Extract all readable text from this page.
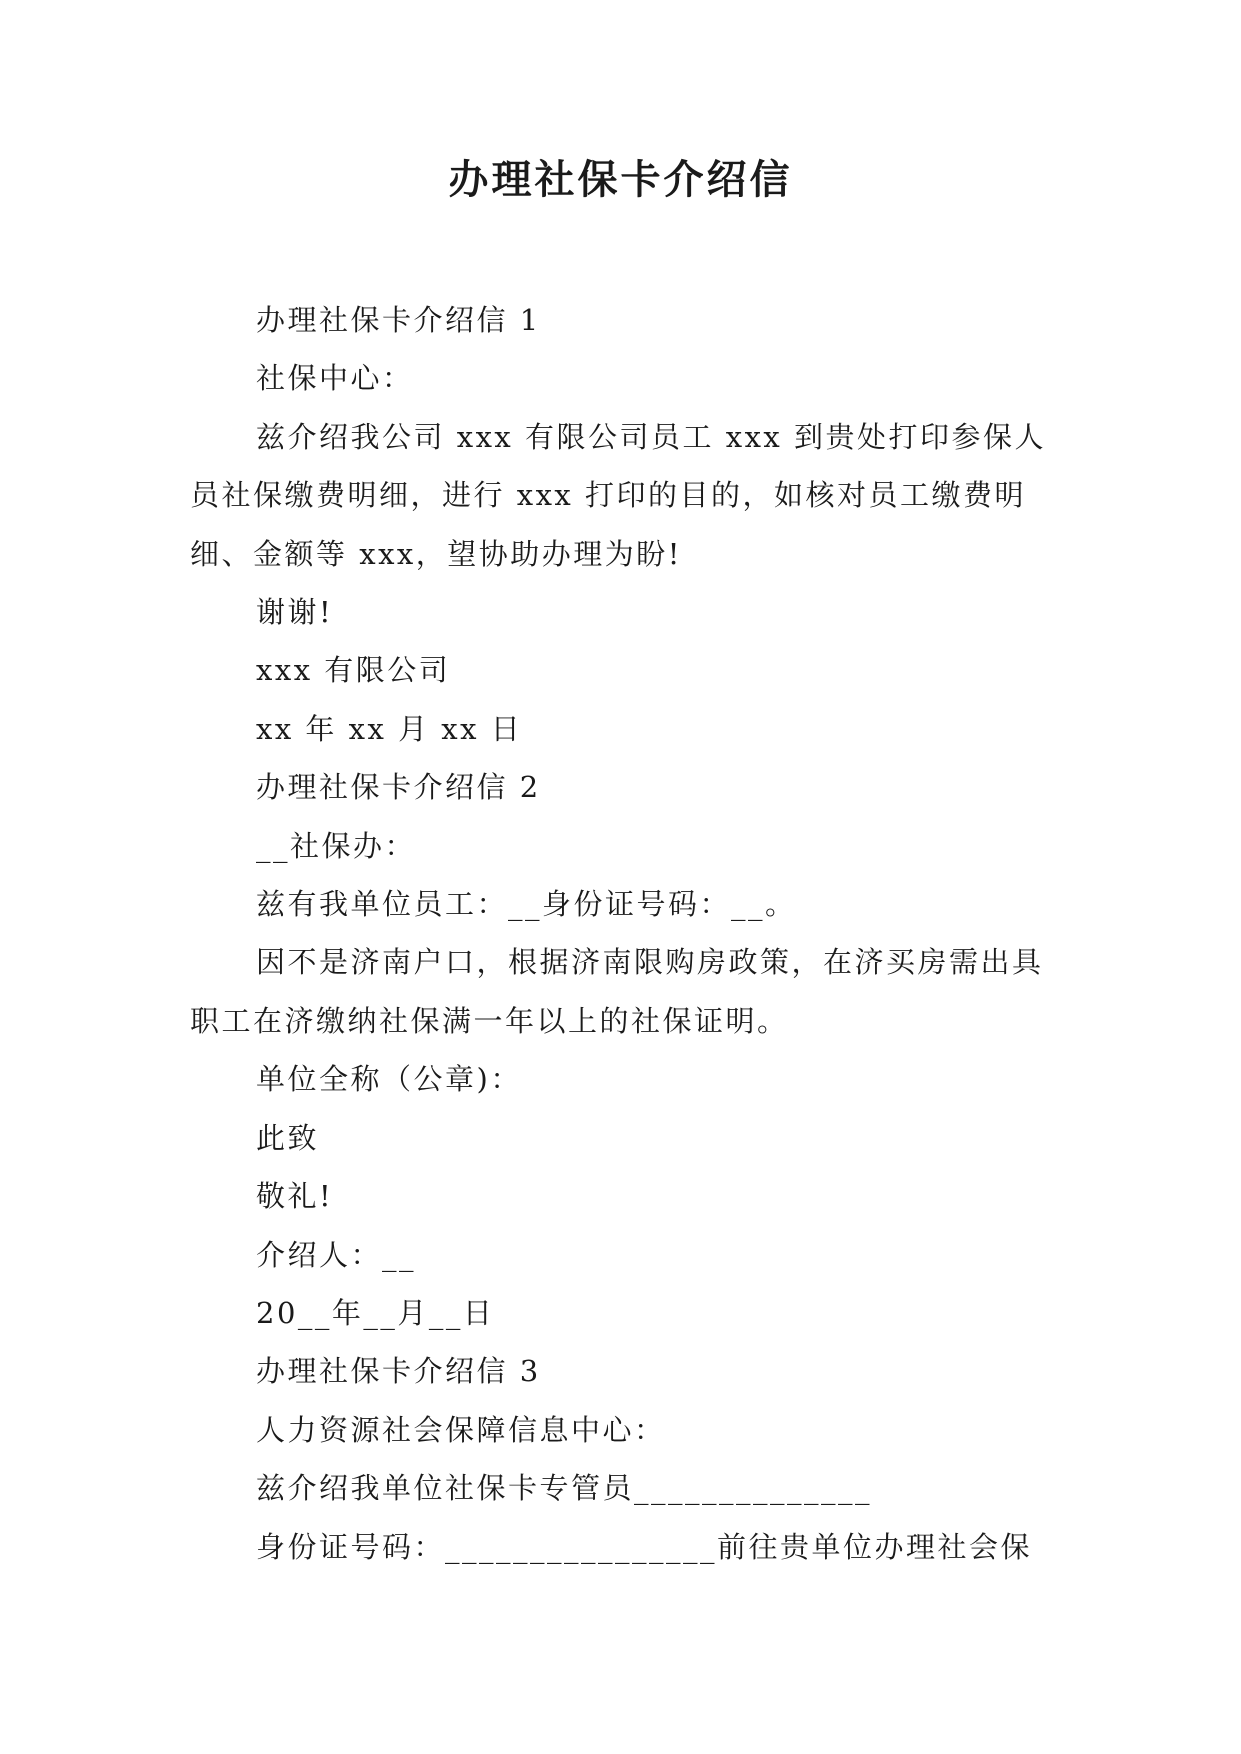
办理社保卡介绍信

办理社保卡介绍信 1

社保中心：

兹介绍我公司 xxx 有限公司员工 xxx 到贵处打印参保人员社保缴费明细，进行 xxx 打印的目的，如核对员工缴费明细、金额等 xxx，望协助办理为盼!

谢谢!

xxx 有限公司

xx 年 xx 月 xx 日

办理社保卡介绍信 2

__社保办：

兹有我单位员工：__身份证号码：__。

因不是济南户口，根据济南限购房政策，在济买房需出具职工在济缴纳社保满一年以上的社保证明。

单位全称（公章)：

此致

敬礼!

介绍人：__

20__年__月__日

办理社保卡介绍信 3

人力资源社会保障信息中心：

兹介绍我单位社保卡专管员______________

身份证号码：________________前往贵单位办理社会保
